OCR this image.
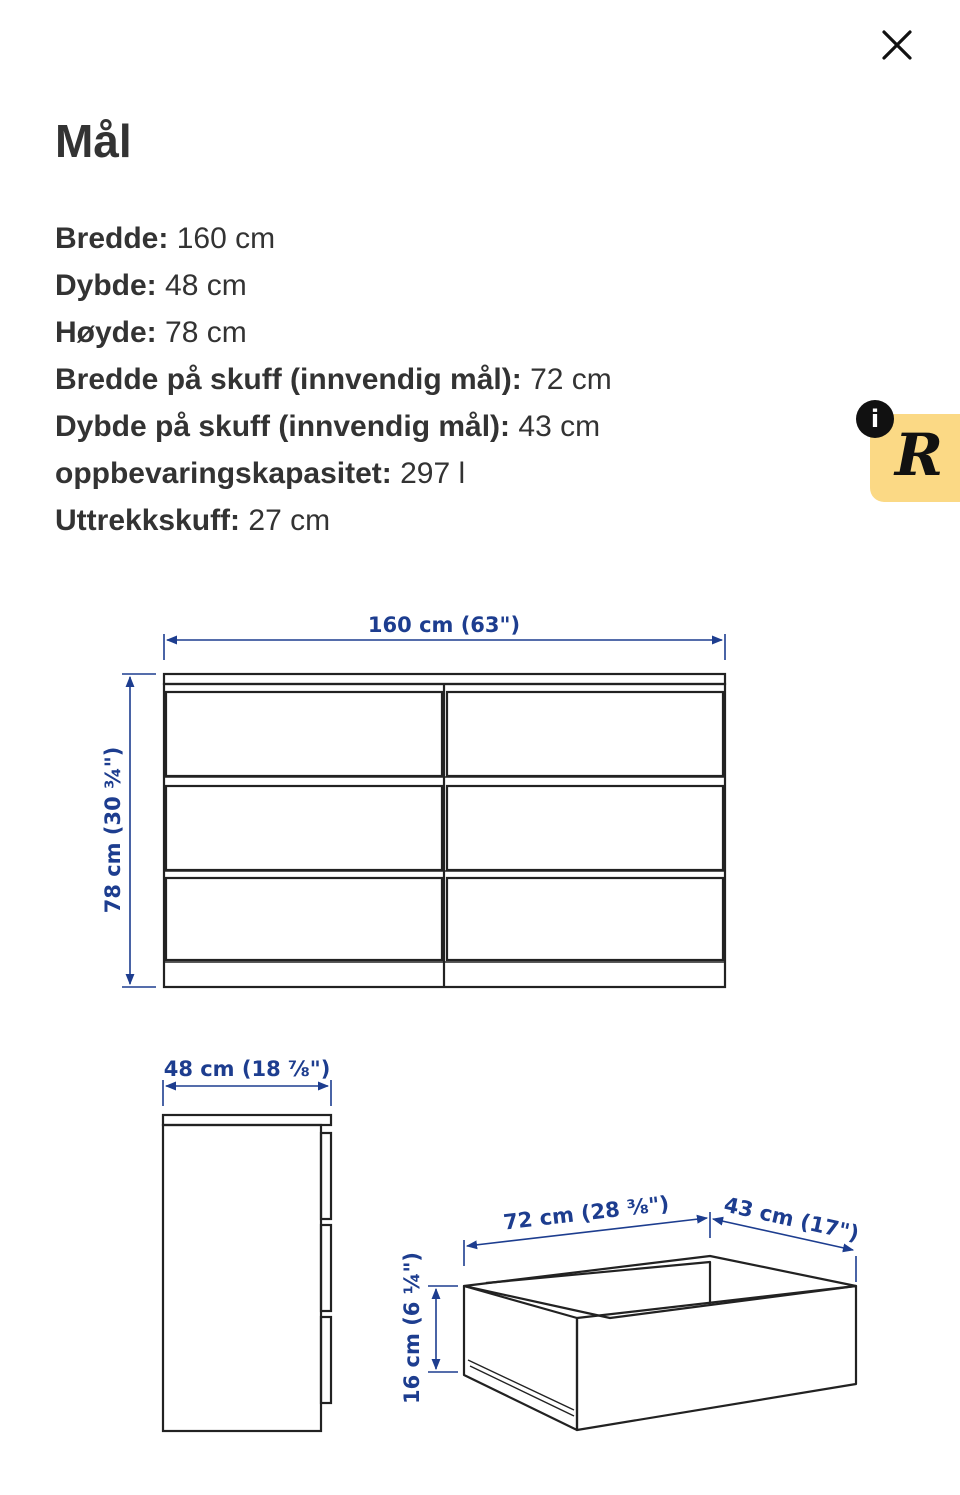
Mål
Bredde: 160 cm
Dybde: 48 cm
Høyde: 78 cm
Bredde på skuff (innvendig mål): 72 cm
Dybde på skuff (innvendig mål): 43 cm
oppbevaringskapasitet: 297 l
Uttrekkskuff: 27 cm
R
i
160 cm (63")
78 cm (30 ¾")
48 cm (18 ⅞")
72 cm (28 ⅜") 43 cm (17")
16 cm (6 ¼")
